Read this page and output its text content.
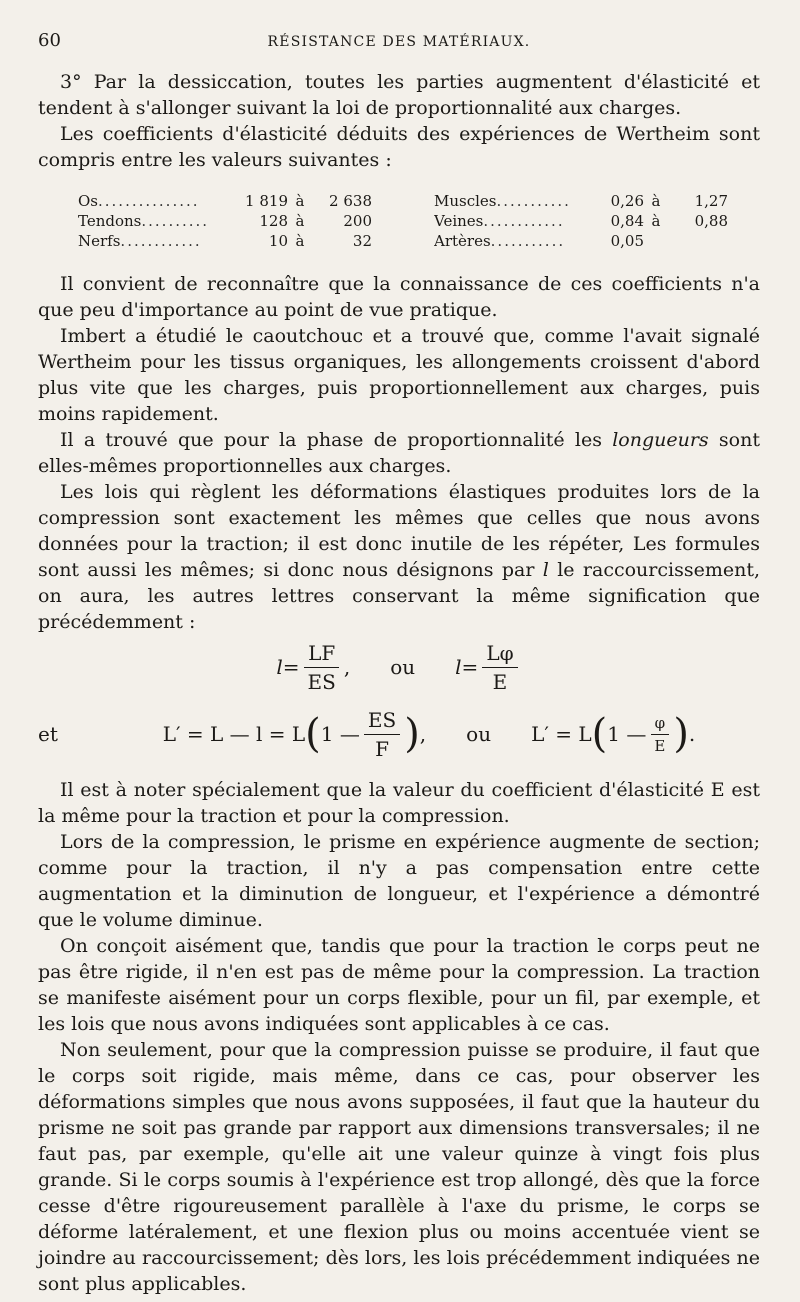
60	RÉSISTANCE DES MATÉRIAUX.

3° Par la dessiccation, toutes les parties augmentent d'élasticité et tendent à s'allonger suivant la loi de proportionnalité aux charges.

Les coefficients d'élasticité déduits des expériences de Wertheim sont compris entre les valeurs suivantes :

Os...............	1 819 à	2 638
Tendons..........	128 à	200
Nerfs............	10 à	32
Muscles...........	0,26 à	1,27
Veines............	0,84 à	0,88
Artères...........	0,05

Il convient de reconnaître que la connaissance de ces coefficients n'a que peu d'importance au point de vue pratique.

Imbert a étudié le caoutchouc et a trouvé que, comme l'avait signalé Wertheim pour les tissus organiques, les allongements croissent d'abord plus vite que les charges, puis proportionnellement aux charges, puis moins rapidement.

Il a trouvé que pour la phase de proportionnalité les longueurs sont elles-mêmes proportionnelles aux charges.

Les lois qui règlent les déformations élastiques produites lors de la compression sont exactement les mêmes que celles que nous avons données pour la traction; il est donc inutile de les répéter, Les formules sont aussi les mêmes; si donc nous désignons par l le raccourcissement, on aura, les autres lettres conservant la même signification que précédemment :

$l = \frac{LF}{ES}$ , ou $l = \frac{L\varphi}{E}$
et	L′ = L — l = L ( 1 — $\frac{ES}{F}$ ) , ou L′ = L ( 1 — $\frac{\varphi}{E}$ ) .

Il est à noter spécialement que la valeur du coefficient d'élasticité E est la même pour la traction et pour la compression.

Lors de la compression, le prisme en expérience augmente de section; comme pour la traction, il n'y a pas compensation entre cette augmentation et la diminution de longueur, et l'expérience a démontré que le volume diminue.

On conçoit aisément que, tandis que pour la traction le corps peut ne pas être rigide, il n'en est pas de même pour la compression. La traction se manifeste aisément pour un corps flexible, pour un fil, par exemple, et les lois que nous avons indiquées sont applicables à ce cas.

Non seulement, pour que la compression puisse se produire, il faut que le corps soit rigide, mais même, dans ce cas, pour observer les déformations simples que nous avons supposées, il faut que la hauteur du prisme ne soit pas grande par rapport aux dimensions transversales; il ne faut pas, par exemple, qu'elle ait une valeur quinze à vingt fois plus grande. Si le corps soumis à l'expérience est trop allongé, dès que la force cesse d'être rigoureusement parallèle à l'axe du prisme, le corps se déforme latéralement, et une flexion plus ou moins accentuée vient se joindre au raccourcissement; dès lors, les lois précédemment indiquées ne sont plus applicables.
